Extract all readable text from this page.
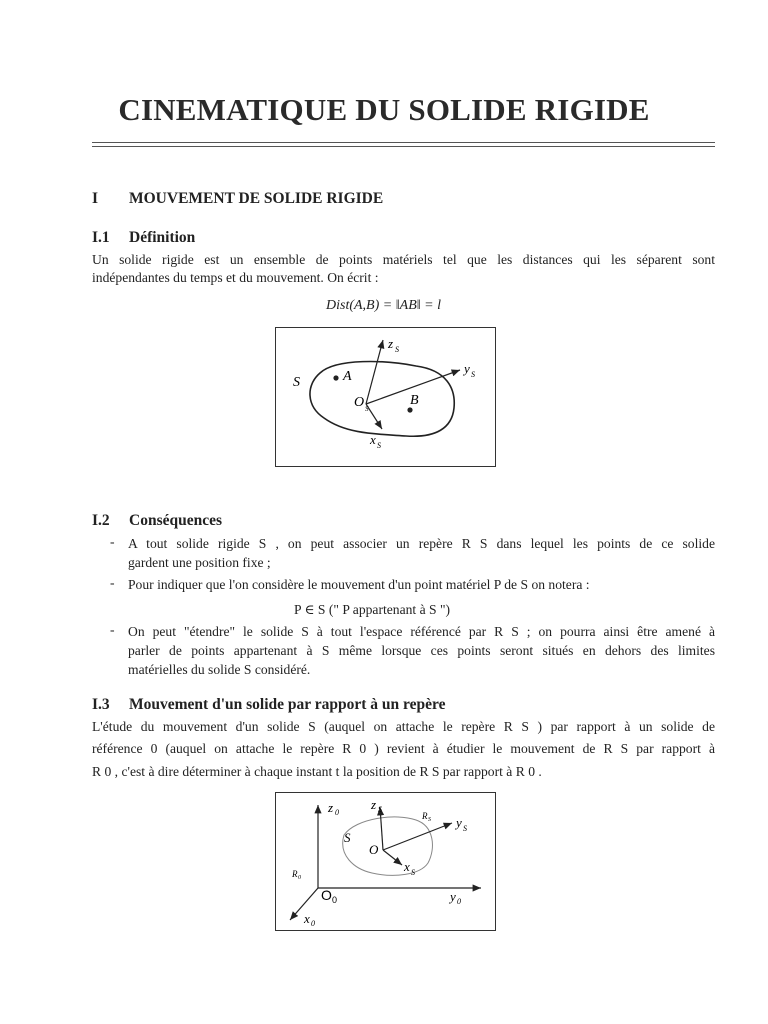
CINEMATIQUE DU SOLIDE RIGIDE
I MOUVEMENT DE SOLIDE RIGIDE
I.1 Définition
Un solide rigide est un ensemble de points matériels tel que les distances qui les séparent sont
indépendantes du temps et du mouvement. On écrit :
Dist(A,B) = ‖AB‖ = l
S	A
B
O S
z S
y S
x S
I.2 Conséquences
- A tout solide rigide S , on peut associer un repère R S dans lequel les points de ce solide
gardent une position fixe ;
- Pour indiquer que l'on considère le mouvement d'un point matériel P de S on notera :
P ∈ S (" P appartenant à S ")
- On peut "étendre" le solide S à tout l'espace référencé par R S ; on pourra ainsi être amené à
parler de points appartenant à S même lorsque ces points seront situés en dehors des limites
matérielles du solide S considéré.
I.3 Mouvement d'un solide par rapport à un repère
L'étude du mouvement d'un solide S (auquel on attache le repère R S ) par rapport à un solide de
référence 0 (auquel on attache le repère R 0 ) revient à étudier le mouvement de R S par rapport à
R 0 , c'est à dire déterminer à chaque instant t la position de R S par rapport à R 0 .
z 0
z S
R S y S
S
O
x S
R 0
O 0	y 0
x 0
